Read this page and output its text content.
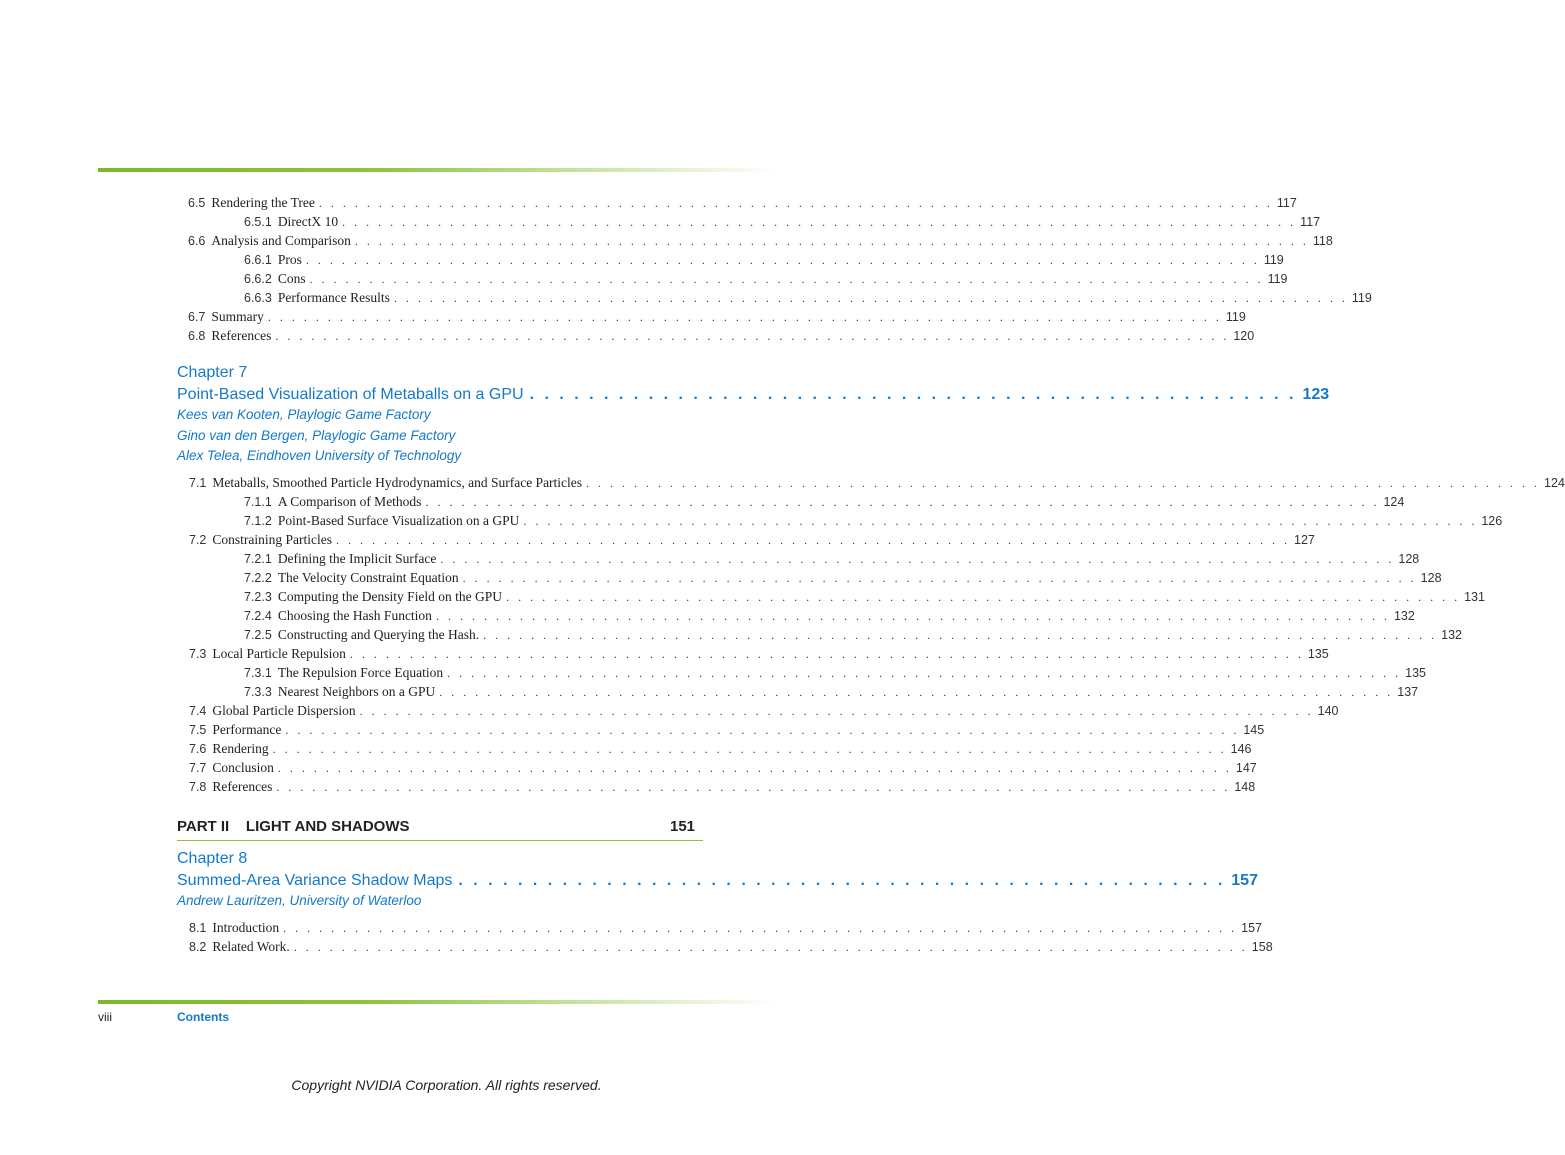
6.5 Rendering the Tree . . . . . . . . . . . . . . . . . . . . . . . . . . . . . . . . . . . . . . . . . . . . . . . . . . . . . . . . . . . . . . . . . . . . . . . . . . . . . . . . 117
6.5.1 DirectX 10 . . . . . . . . . . . . . . . . . . . . . . . . . . . . . . . . . . . . . . . . . . . . . . . . . . . . . . . . . . . . . . . . . . . . . . . . . . . . . . . . 117
6.6 Analysis and Comparison . . . . . . . . . . . . . . . . . . . . . . . . . . . . . . . . . . . . . . . . . . . . . . . . . . . . . . . . . . . . . . . . . . . . . . . . . . . . . . . . 118
6.6.1 Pros . . . . . . . . . . . . . . . . . . . . . . . . . . . . . . . . . . . . . . . . . . . . . . . . . . . . . . . . . . . . . . . . . . . . . . . . . . . . . . . . 119
6.6.2 Cons . . . . . . . . . . . . . . . . . . . . . . . . . . . . . . . . . . . . . . . . . . . . . . . . . . . . . . . . . . . . . . . . . . . . . . . . . . . . . . . . 119
6.6.3 Performance Results . . . . . . . . . . . . . . . . . . . . . . . . . . . . . . . . . . . . . . . . . . . . . . . . . . . . . . . . . . . . . . . . . . . . . . . . . . . . . . . . 119
6.7 Summary . . . . . . . . . . . . . . . . . . . . . . . . . . . . . . . . . . . . . . . . . . . . . . . . . . . . . . . . . . . . . . . . . . . . . . . . . . . . . . . . 119
6.8 References . . . . . . . . . . . . . . . . . . . . . . . . . . . . . . . . . . . . . . . . . . . . . . . . . . . . . . . . . . . . . . . . . . . . . . . . . . . . . . . . 120
Chapter 7
Point-Based Visualization of Metaballs on a GPU . . . . . . . . . . . . . . . . . . . . . . . . . . . . . . . . . . . . . . . . . . . . . . . . . . . . 123
Kees van Kooten, Playlogic Game Factory
Gino van den Bergen, Playlogic Game Factory
Alex Telea, Eindhoven University of Technology
7.1 Metaballs, Smoothed Particle Hydrodynamics, and Surface Particles . . . . . . . . . . . . . . . . . . . . . . . . . . . . . . . . . . . . . . . . . . . . . . . . . . . . . . . . . . . . . . . . . . . . . . . . . . . . . . . . 124
7.1.1 A Comparison of Methods . . . . . . . . . . . . . . . . . . . . . . . . . . . . . . . . . . . . . . . . . . . . . . . . . . . . . . . . . . . . . . . . . . . . . . . . . . . . . . . . 124
7.1.2 Point-Based Surface Visualization on a GPU . . . . . . . . . . . . . . . . . . . . . . . . . . . . . . . . . . . . . . . . . . . . . . . . . . . . . . . . . . . . . . . . . . . . . . . . . . . . . . . . 126
7.2 Constraining Particles . . . . . . . . . . . . . . . . . . . . . . . . . . . . . . . . . . . . . . . . . . . . . . . . . . . . . . . . . . . . . . . . . . . . . . . . . . . . . . . . 127
7.2.1 Defining the Implicit Surface . . . . . . . . . . . . . . . . . . . . . . . . . . . . . . . . . . . . . . . . . . . . . . . . . . . . . . . . . . . . . . . . . . . . . . . . . . . . . . . . 128
7.2.2 The Velocity Constraint Equation . . . . . . . . . . . . . . . . . . . . . . . . . . . . . . . . . . . . . . . . . . . . . . . . . . . . . . . . . . . . . . . . . . . . . . . . . . . . . . . . 128
7.2.3 Computing the Density Field on the GPU . . . . . . . . . . . . . . . . . . . . . . . . . . . . . . . . . . . . . . . . . . . . . . . . . . . . . . . . . . . . . . . . . . . . . . . . . . . . . . . . 131
7.2.4 Choosing the Hash Function . . . . . . . . . . . . . . . . . . . . . . . . . . . . . . . . . . . . . . . . . . . . . . . . . . . . . . . . . . . . . . . . . . . . . . . . . . . . . . . . 132
7.2.5 Constructing and Querying the Hash. . . . . . . . . . . . . . . . . . . . . . . . . . . . . . . . . . . . . . . . . . . . . . . . . . . . . . . . . . . . . . . . . . . . . . . . . . . . . . . . . 132
7.3 Local Particle Repulsion . . . . . . . . . . . . . . . . . . . . . . . . . . . . . . . . . . . . . . . . . . . . . . . . . . . . . . . . . . . . . . . . . . . . . . . . . . . . . . . . 135
7.3.1 The Repulsion Force Equation . . . . . . . . . . . . . . . . . . . . . . . . . . . . . . . . . . . . . . . . . . . . . . . . . . . . . . . . . . . . . . . . . . . . . . . . . . . . . . . . 135
7.3.3 Nearest Neighbors on a GPU . . . . . . . . . . . . . . . . . . . . . . . . . . . . . . . . . . . . . . . . . . . . . . . . . . . . . . . . . . . . . . . . . . . . . . . . . . . . . . . . 137
7.4 Global Particle Dispersion . . . . . . . . . . . . . . . . . . . . . . . . . . . . . . . . . . . . . . . . . . . . . . . . . . . . . . . . . . . . . . . . . . . . . . . . . . . . . . . . 140
7.5 Performance . . . . . . . . . . . . . . . . . . . . . . . . . . . . . . . . . . . . . . . . . . . . . . . . . . . . . . . . . . . . . . . . . . . . . . . . . . . . . . . . 145
7.6 Rendering . . . . . . . . . . . . . . . . . . . . . . . . . . . . . . . . . . . . . . . . . . . . . . . . . . . . . . . . . . . . . . . . . . . . . . . . . . . . . . . . 146
7.7 Conclusion . . . . . . . . . . . . . . . . . . . . . . . . . . . . . . . . . . . . . . . . . . . . . . . . . . . . . . . . . . . . . . . . . . . . . . . . . . . . . . . . 147
7.8 References . . . . . . . . . . . . . . . . . . . . . . . . . . . . . . . . . . . . . . . . . . . . . . . . . . . . . . . . . . . . . . . . . . . . . . . . . . . . . . . . 148
PART II LIGHT AND SHADOWS	151
Chapter 8
Summed-Area Variance Shadow Maps . . . . . . . . . . . . . . . . . . . . . . . . . . . . . . . . . . . . . . . . . . . . . . . . . . . . 157
Andrew Lauritzen, University of Waterloo
8.1 Introduction . . . . . . . . . . . . . . . . . . . . . . . . . . . . . . . . . . . . . . . . . . . . . . . . . . . . . . . . . . . . . . . . . . . . . . . . . . . . . . . . 157
8.2 Related Work. . . . . . . . . . . . . . . . . . . . . . . . . . . . . . . . . . . . . . . . . . . . . . . . . . . . . . . . . . . . . . . . . . . . . . . . . . . . . . . . . 158
viii	Contents
Copyright NVIDIA Corporation. All rights reserved.
